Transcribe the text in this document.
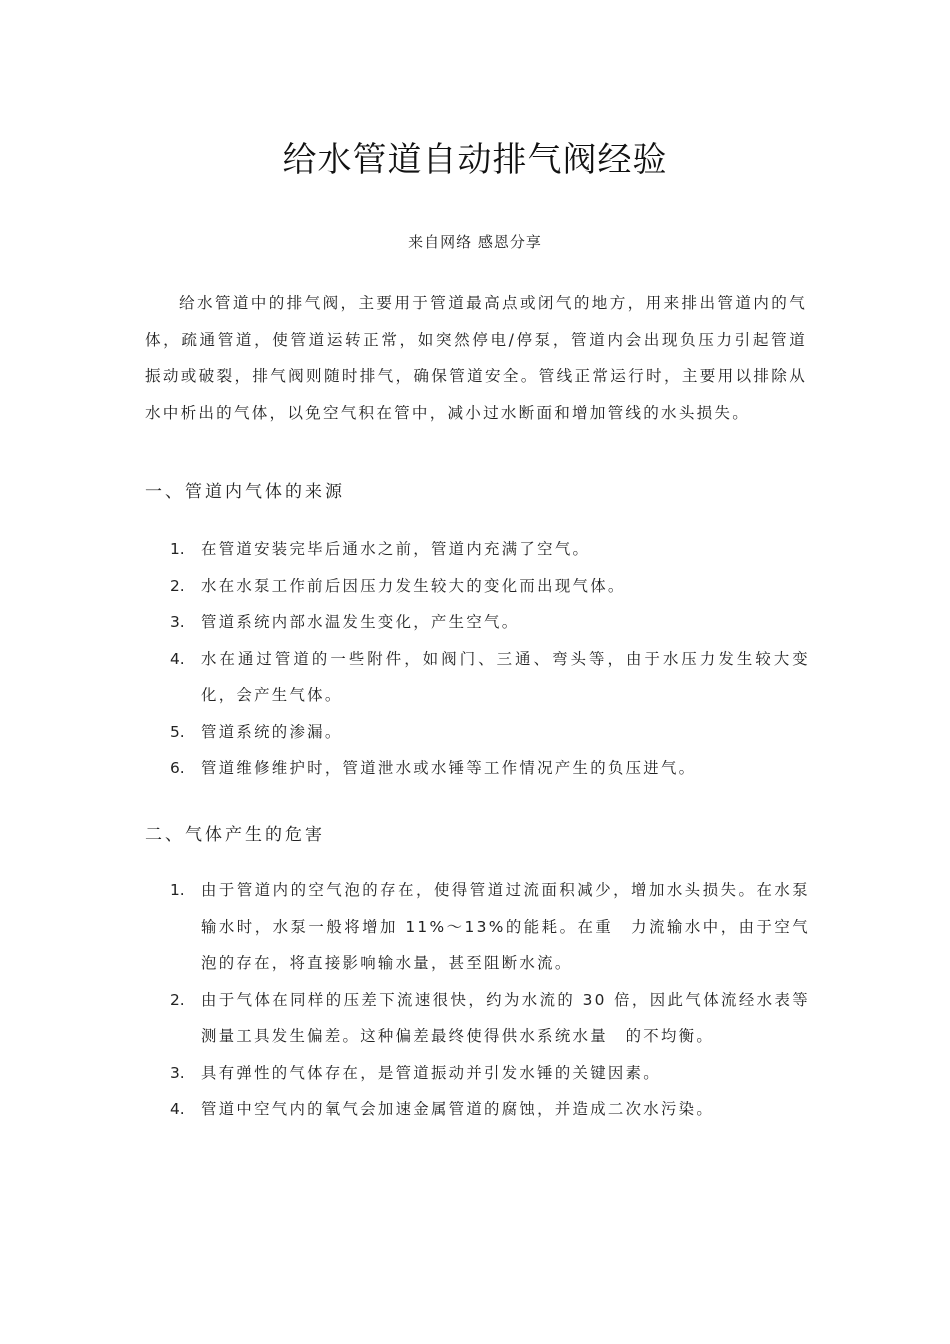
给水管道自动排气阀经验
来自网络 感恩分享
给水管道中的排气阀，主要用于管道最高点或闭气的地方，用来排出管道内的气体，疏通管道，使管道运转正常，如突然停电/停泵，管道内会出现负压力引起管道振动或破裂，排气阀则随时排气，确保管道安全。管线正常运行时，主要用以排除从水中析出的气体，以免空气积在管中，减小过水断面和增加管线的水头损失。
一、管道内气体的来源
1. 在管道安装完毕后通水之前，管道内充满了空气。
2. 水在水泵工作前后因压力发生较大的变化而出现气体。
3. 管道系统内部水温发生变化，产生空气。
4. 水在通过管道的一些附件，如阀门、三通、弯头等，由于水压力发生较大变化，会产生气体。
5. 管道系统的渗漏。
6. 管道维修维护时，管道泄水或水锤等工作情况产生的负压进气。
二、气体产生的危害
1. 由于管道内的空气泡的存在，使得管道过流面积减少，增加水头损失。在水泵输水时，水泵一般将增加 11%～13%的能耗。在重　力流输水中，由于空气泡的存在，将直接影响输水量，甚至阻断水流。
2. 由于气体在同样的压差下流速很快，约为水流的 30 倍，因此气体流经水表等测量工具发生偏差。这种偏差最终使得供水系统水量　的不均衡。
3. 具有弹性的气体存在，是管道振动并引发水锤的关键因素。
4. 管道中空气内的氧气会加速金属管道的腐蚀，并造成二次水污染。
